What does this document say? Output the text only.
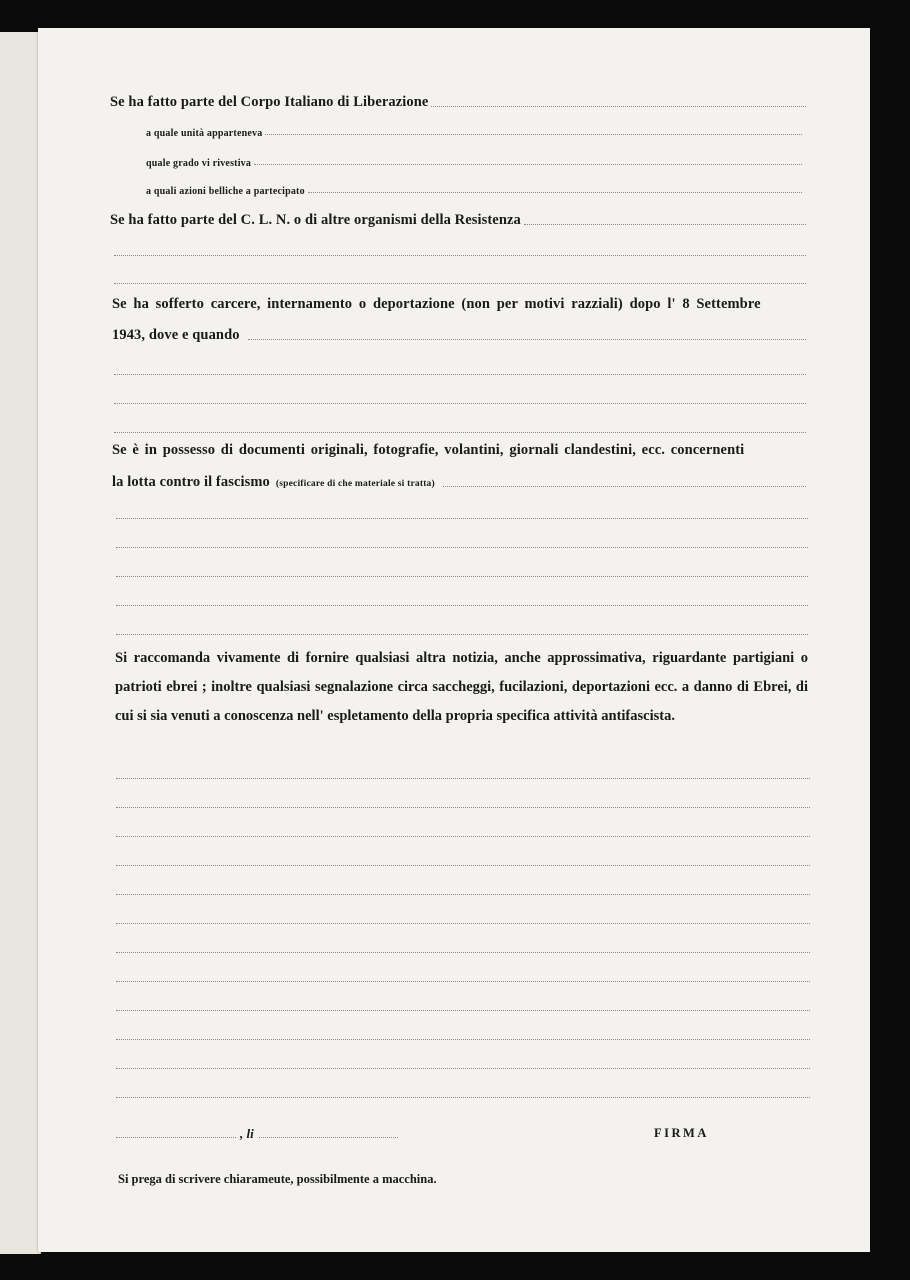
Se ha fatto parte del Corpo Italiano di Liberazione
a quale unità apparteneva
quale grado vi rivestiva
a quali azioni belliche a partecipato
Se ha fatto parte del C. L. N. o di altre organismi della Resistenza
Se ha sofferto carcere, internamento o deportazione (non per motivi razziali) dopo l' 8 Settembre
1943, dove e quando
Se è in possesso di documenti originali, fotografie, volantini, giornali clandestini, ecc. concernenti
la lotta contro il fascismo (specificare di che materiale si tratta)
Si raccomanda vivamente di fornire qualsiasi altra notizia, anche approssimativa, riguardante partigiani o patrioti ebrei ; inoltre qualsiasi segnalazione circa saccheggi, fucilazioni, deportazioni ecc. a danno di Ebrei, di cui si sia venuti a conoscenza nell' espletamento della propria specifica attività antifascista.
, li	FIRMA
Si prega di scrivere chiarameute, possibilmente a macchina.
